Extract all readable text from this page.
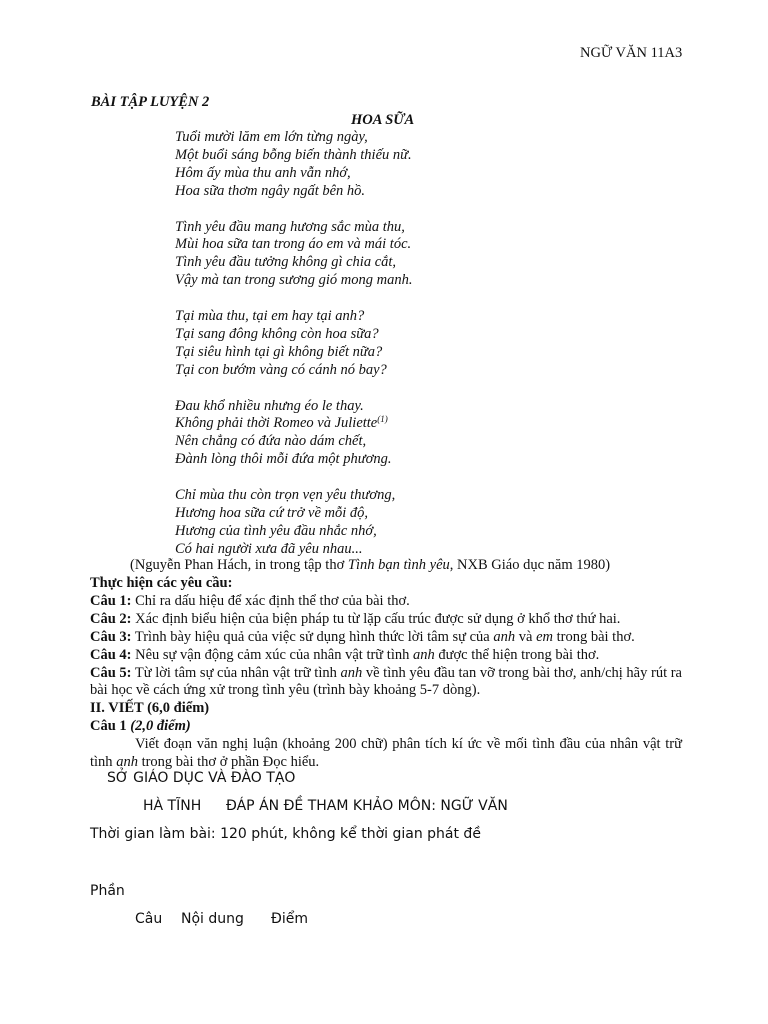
NGỮ VĂN 11A3
BÀI TẬP LUYỆN 2
HOA SỮA
Tuổi mười lăm em lớn từng ngày,
Một buổi sáng bỗng biến thành thiếu nữ.
Hôm ấy mùa thu anh vẫn nhớ,
Hoa sữa thơm ngây ngất bên hồ.
Tình yêu đầu mang hương sắc mùa thu,
Mùi hoa sữa tan trong áo em và mái tóc.
Tình yêu đầu tưởng không gì chia cắt,
Vậy mà tan trong sương gió mong manh.
Tại mùa thu, tại em hay tại anh?
Tại sang đông không còn hoa sữa?
Tại siêu hình tại gì không biết nữa?
Tại con bướm vàng có cánh nó bay?
Đau khổ nhiều nhưng éo le thay.
Không phải thời Romeo và Juliette$^{(1)}$
Nên chẳng có đứa nào dám chết,
Đành lòng thôi mỗi đứa một phương.
Chỉ mùa thu còn trọn vẹn yêu thương,
Hương hoa sữa cứ trở về mỗi độ,
Hương của tình yêu đầu nhắc nhớ,
Có hai người xưa đã yêu nhau...
(Nguyễn Phan Hách, in trong tập thơ Tình bạn tình yêu, NXB Giáo dục năm 1980)
Thực hiện các yêu cầu:
Câu 1: Chỉ ra dấu hiệu để xác định thể thơ của bài thơ.
Câu 2: Xác định biểu hiện của biện pháp tu từ lặp cấu trúc được sử dụng ở khổ thơ thứ hai.
Câu 3: Trình bày hiệu quả của việc sử dụng hình thức lời tâm sự của anh và em trong bài thơ.
Câu 4: Nêu sự vận động cảm xúc của nhân vật trữ tình anh được thể hiện trong bài thơ.
Câu 5: Từ lời tâm sự của nhân vật trữ tình anh về tình yêu đầu tan vỡ trong bài thơ, anh/chị hãy rút ra bài học về cách ứng xử trong tình yêu (trình bày khoảng 5-7 dòng).
II. VIẾT (6,0 điểm)
Câu 1 (2,0 điểm)
Viết đoạn văn nghị luận (khoảng 200 chữ) phân tích kí ức về mối tình đầu của nhân vật trữ tình anh trong bài thơ ở phần Đọc hiểu.
SỞ GIÁO DỤC VÀ ĐÀO TẠO
HÀ TĨNH ĐÁP ÁN ĐỀ THAM KHẢO MÔN: NGỮ VĂN
Thời gian làm bài: 120 phút, không kể thời gian phát đề
Phần
Câu Nội dung Điểm
